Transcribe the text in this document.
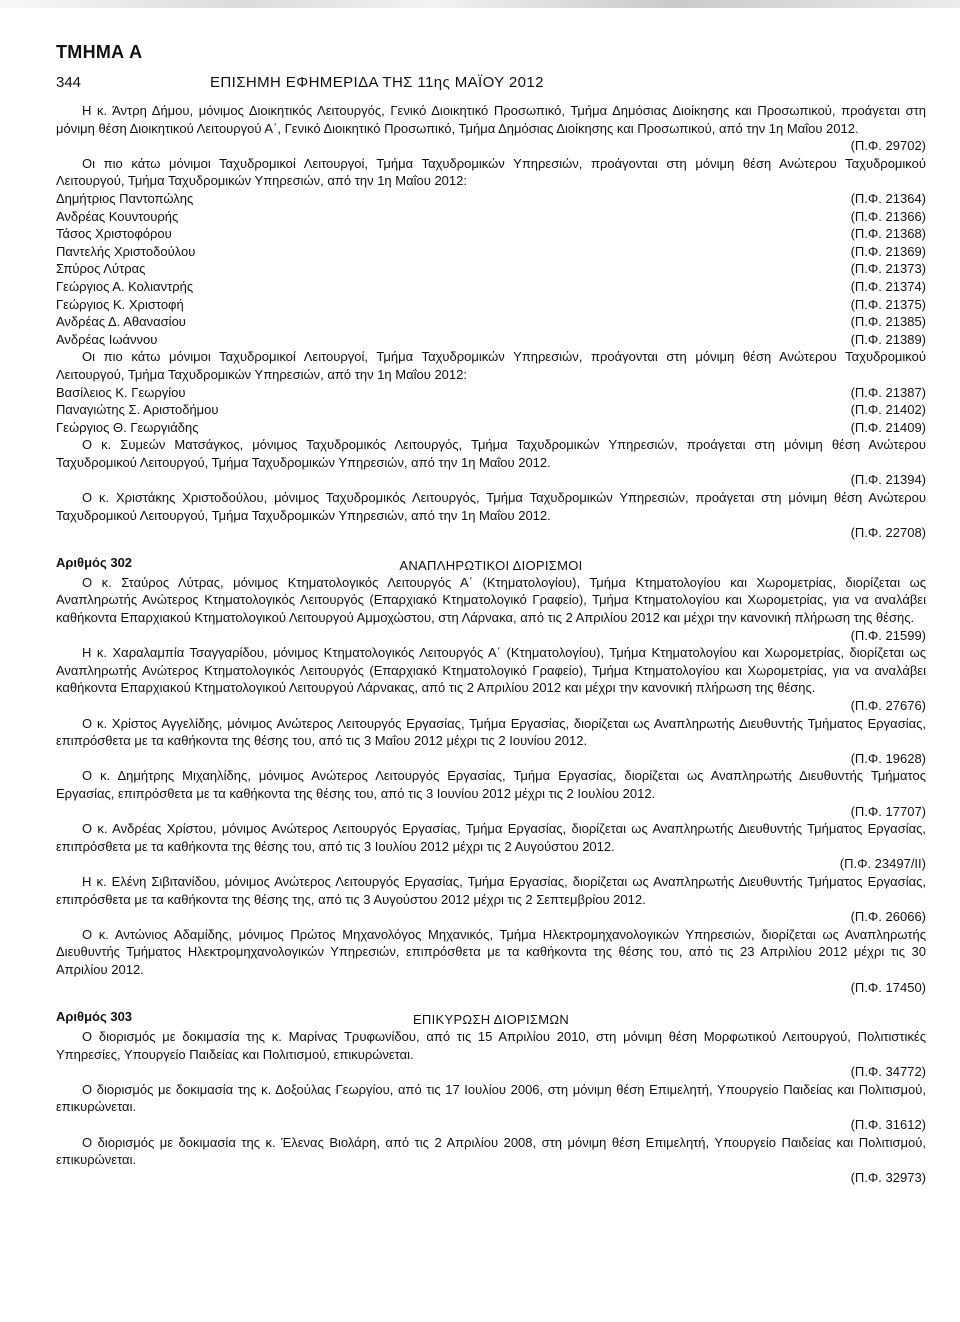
ΤΜΗΜΑ Α
344	ΕΠΙΣΗΜΗ ΕΦΗΜΕΡΙΔΑ ΤΗΣ 11ης ΜΑΪΟΥ 2012

Η κ. Άντρη Δήμου, μόνιμος Διοικητικός Λειτουργός, Γενικό Διοικητικό Προσωπικό, Τμήμα Δημόσιας Διοίκησης και Προσωπικού, προάγεται στη μόνιμη θέση Διοικητικού Λειτουργού Α΄, Γενικό Διοικητικό Προσωπικό, Τμήμα Δημόσιας Διοίκησης και Προσωπικού, από την 1η Μαΐου 2012.

(Π.Φ. 29702)

Οι πιο κάτω μόνιμοι Ταχυδρομικοί Λειτουργοί, Τμήμα Ταχυδρομικών Υπηρεσιών, προάγονται στη μόνιμη θέση Ανώτερου Ταχυδρομικού Λειτουργού, Τμήμα Ταχυδρομικών Υπηρεσιών, από την 1η Μαΐου 2012:

Δημήτριος Παντοπώλης	(Π.Φ. 21364)
Ανδρέας Κουντουρής	(Π.Φ. 21366)
Τάσος Χριστοφόρου	(Π.Φ. 21368)
Παντελής Χριστοδούλου	(Π.Φ. 21369)
Σπύρος Λύτρας	(Π.Φ. 21373)
Γεώργιος Α. Κολιαντρής	(Π.Φ. 21374)
Γεώργιος Κ. Χριστοφή	(Π.Φ. 21375)
Ανδρέας Δ. Αθανασίου	(Π.Φ. 21385)
Ανδρέας Ιωάννου	(Π.Φ. 21389)

Οι πιο κάτω μόνιμοι Ταχυδρομικοί Λειτουργοί, Τμήμα Ταχυδρομικών Υπηρεσιών, προάγονται στη μόνιμη θέση Ανώτερου Ταχυδρομικού Λειτουργού, Τμήμα Ταχυδρομικών Υπηρεσιών, από την 1η Μαΐου 2012:

Βασίλειος Κ. Γεωργίου	(Π.Φ. 21387)
Παναγιώτης Σ. Αριστοδήμου	(Π.Φ. 21402)
Γεώργιος Θ. Γεωργιάδης	(Π.Φ. 21409)

Ο κ. Συμεών Ματσάγκος, μόνιμος Ταχυδρομικός Λειτουργός, Τμήμα Ταχυδρομικών Υπηρεσιών, προάγεται στη μόνιμη θέση Ανώτερου Ταχυδρομικού Λειτουργού, Τμήμα Ταχυδρομικών Υπηρεσιών, από την 1η Μαΐου 2012.

(Π.Φ. 21394)

Ο κ. Χριστάκης Χριστοδούλου, μόνιμος Ταχυδρομικός Λειτουργός, Τμήμα Ταχυδρομικών Υπηρεσιών, προάγεται στη μόνιμη θέση Ανώτερου Ταχυδρομικού Λειτουργού, Τμήμα Ταχυδρομικών Υπηρεσιών, από την 1η Μαΐου 2012.

(Π.Φ. 22708)

Αριθμός 302	ΑΝΑΠΛΗΡΩΤΙΚΟΙ ΔΙΟΡΙΣΜΟΙ

Ο κ. Σταύρος Λύτρας, μόνιμος Κτηματολογικός Λειτουργός Α΄ (Κτηματολογίου), Τμήμα Κτηματολογίου και Χωρομετρίας, διορίζεται ως Αναπληρωτής Ανώτερος Κτηματολογικός Λειτουργός (Επαρχιακό Κτηματολογικό Γραφείο), Τμήμα Κτηματολογίου και Χωρομετρίας, για να αναλάβει καθήκοντα Επαρχιακού Κτηματολογικού Λειτουργού Αμμοχώστου, στη Λάρνακα, από τις 2 Απριλίου 2012 και μέχρι την κανονική πλήρωση της θέσης.

(Π.Φ. 21599)

Η κ. Χαραλαμπία Τσαγγαρίδου, μόνιμος Κτηματολογικός Λειτουργός Α΄ (Κτηματολογίου), Τμήμα Κτηματολογίου και Χωρομετρίας, διορίζεται ως Αναπληρωτής Ανώτερος Κτηματολογικός Λειτουργός (Επαρχιακό Κτηματολογικό Γραφείο), Τμήμα Κτηματολογίου και Χωρομετρίας, για να αναλάβει καθήκοντα Επαρχιακού Κτηματολογικού Λειτουργού Λάρνακας, από τις 2 Απριλίου 2012 και μέχρι την κανονική πλήρωση της θέσης.

(Π.Φ. 27676)

Ο κ. Χρίστος Αγγελίδης, μόνιμος Ανώτερος Λειτουργός Εργασίας, Τμήμα Εργασίας, διορίζεται ως Αναπληρωτής Διευθυντής Τμήματος Εργασίας, επιπρόσθετα με τα καθήκοντα της θέσης του, από τις 3 Μαΐου 2012 μέχρι τις 2 Ιουνίου 2012.

(Π.Φ. 19628)

Ο κ. Δημήτρης Μιχαηλίδης, μόνιμος Ανώτερος Λειτουργός Εργασίας, Τμήμα Εργασίας, διορίζεται ως Αναπληρωτής Διευθυντής Τμήματος Εργασίας, επιπρόσθετα με τα καθήκοντα της θέσης του, από τις 3 Ιουνίου 2012 μέχρι τις 2 Ιουλίου 2012.

(Π.Φ. 17707)

Ο κ. Ανδρέας Χρίστου, μόνιμος Ανώτερος Λειτουργός Εργασίας, Τμήμα Εργασίας, διορίζεται ως Αναπληρωτής Διευθυντής Τμήματος Εργασίας, επιπρόσθετα με τα καθήκοντα της θέσης του, από τις 3 Ιουλίου 2012 μέχρι τις 2 Αυγούστου 2012.

(Π.Φ. 23497/ΙΙ)

Η κ. Ελένη Σιβιτανίδου, μόνιμος Ανώτερος Λειτουργός Εργασίας, Τμήμα Εργασίας, διορίζεται ως Αναπληρωτής Διευθυντής Τμήματος Εργασίας, επιπρόσθετα με τα καθήκοντα της θέσης της, από τις 3 Αυγούστου 2012 μέχρι τις 2 Σεπτεμβρίου 2012.

(Π.Φ. 26066)

Ο κ. Αντώνιος Αδαμίδης, μόνιμος Πρώτος Μηχανολόγος Μηχανικός, Τμήμα Ηλεκτρομηχανολογικών Υπηρεσιών, διορίζεται ως Αναπληρωτής Διευθυντής Τμήματος Ηλεκτρομηχανολογικών Υπηρεσιών, επιπρόσθετα με τα καθήκοντα της θέσης του, από τις 23 Απριλίου 2012 μέχρι τις 30 Απριλίου 2012.

(Π.Φ. 17450)

Αριθμός 303	ΕΠΙΚΥΡΩΣΗ ΔΙΟΡΙΣΜΩΝ

Ο διορισμός με δοκιμασία της κ. Μαρίνας Τρυφωνίδου, από τις 15 Απριλίου 2010, στη μόνιμη θέση Μορφωτικού Λειτουργού, Πολιτιστικές Υπηρεσίες, Υπουργείο Παιδείας και Πολιτισμού, επικυρώνεται.

(Π.Φ. 34772)

Ο διορισμός με δοκιμασία της κ. Δοξούλας Γεωργίου, από τις 17 Ιουλίου 2006, στη μόνιμη θέση Επιμελητή, Υπουργείο Παιδείας και Πολιτισμού, επικυρώνεται.

(Π.Φ. 31612)

Ο διορισμός με δοκιμασία της κ. Έλενας Βιολάρη, από τις 2 Απριλίου 2008, στη μόνιμη θέση Επιμελητή, Υπουργείο Παιδείας και Πολιτισμού, επικυρώνεται.

(Π.Φ. 32973)
